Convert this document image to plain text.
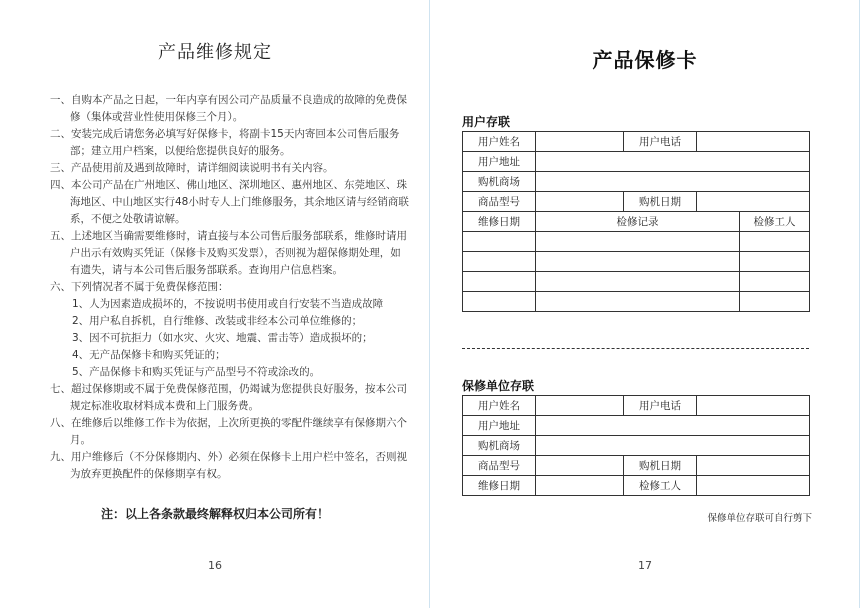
产品维修规定
一、自购本产品之日起，一年内享有因公司产品质量不良造成的故障的免费保修（集体或营业性使用保修三个月）。
二、安装完成后请您务必填写好保修卡，将副卡15天内寄回本公司售后服务部；建立用户档案，以便给您提供良好的服务。
三、产品使用前及遇到故障时，请详细阅读说明书有关内容。
四、本公司产品在广州地区、佛山地区、深圳地区、惠州地区、东莞地区、珠海地区、中山地区实行48小时专人上门维修服务，其余地区请与经销商联系，不便之处敬请谅解。
五、上述地区当确需要维修时，请直接与本公司售后服务部联系，维修时请用户出示有效购买凭证（保修卡及购买发票），否则视为超保修期处理，如有遗失，请与本公司售后服务部联系。查询用户信息档案。
六、下列情况者不属于免费保修范围：
1、人为因素造成损坏的，不按说明书使用或自行安装不当造成故障
2、用户私自拆机，自行维修、改装或非经本公司单位维修的；
3、因不可抗拒力（如水灾、火灾、地震、雷击等）造成损坏的；
4、无产品保修卡和购买凭证的；
5、产品保修卡和购买凭证与产品型号不符或涂改的。
七、超过保修期或不属于免费保修范围，仍竭诚为您提供良好服务，按本公司规定标准收取材料成本费和上门服务费。
八、在维修后以维修工作卡为依据，上次所更换的零配件继续享有保修期六个月。
九、用户维修后（不分保修期内、外）必须在保修卡上用户栏中签名，否则视为放弃更换配件的保修期享有权。
注：以上各条款最终解释权归本公司所有！
16
产品保修卡
用户存联
用户姓名		用户电话		
用户地址				
购机商场				
商品型号		购机日期		
维修日期	检修记录			检修工人

保修单位存联
用户姓名		用户电话	
用户地址			
购机商场			
商品型号		购机日期	
维修日期		检修工人	
保修单位存联可自行剪下
17
